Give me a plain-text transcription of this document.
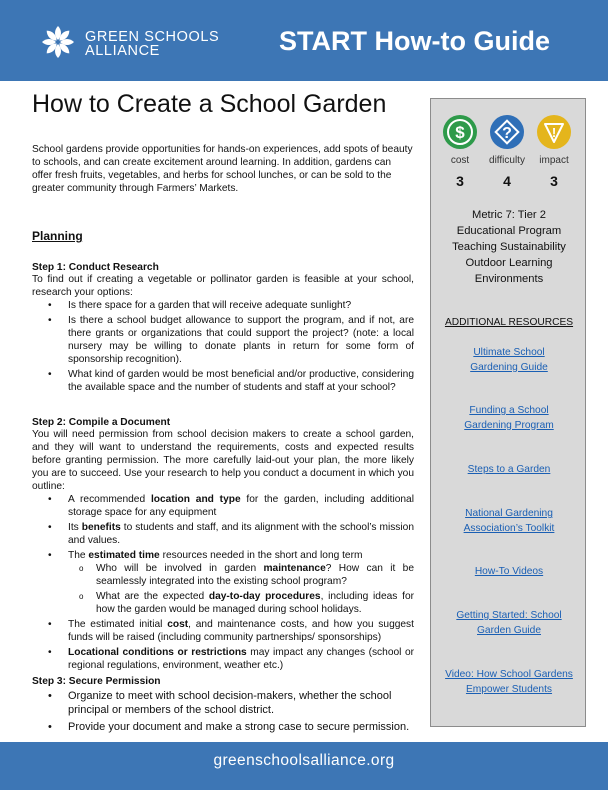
GREEN SCHOOLS
ALLIANCE	START How-to Guide
How to Create a School Garden
School gardens provide opportunities for hands-on experiences, add spots of beauty to schools, and can create excitement around learning. In addition, gardens can offer fresh fruits, vegetables, and herbs for school lunches, or can be sold to the greater community through Farmers’ Markets.
Planning
Step 1: Conduct Research
To find out if creating a vegetable or pollinator garden is feasible at your school, research your options:
• Is there space for a garden that will receive adequate sunlight?
• Is there a school budget allowance to support the program, and if not, are there grants or organizations that could support the project? (note: a local nursery may be willing to donate plants in return for some form of sponsorship recognition).
• What kind of garden would be most beneficial and/or productive, considering the available space and the number of students and staff at your school?
Step 2: Compile a Document
You will need permission from school decision makers to create a school garden, and they will want to understand the requirements, costs and expected results before granting permission. The more carefully laid-out your plan, the more likely you are to succeed. Use your research to help you conduct a document in which you outline:
• A recommended location and type for the garden, including additional storage space for any equipment
• Its benefits to students and staff, and its alignment with the school’s mission and values.
• The estimated time resources needed in the short and long term
o Who will be involved in garden maintenance? How can it be seamlessly integrated into the existing school program?
o What are the expected day-to-day procedures, including ideas for how the garden would be managed during school holidays.
• The estimated initial cost, and maintenance costs, and how you suggest funds will be raised (including community partnerships/ sponsorships)
• Locational conditions or restrictions may impact any changes (school or regional regulations, environment, weather etc.)
Step 3: Secure Permission
• Organize to meet with school decision-makers, whether the school principal or members of the school district.
• Provide your document and make a strong case to secure permission.
$ ?	!
cost	difficulty	impact
3	4	3
Metric 7: Tier 2
Educational Program
Teaching Sustainability
Outdoor Learning
Environments
ADDITIONAL RESOURCES
Ultimate School Gardening Guide
Funding a School Gardening Program
Steps to a Garden
National Gardening Association’s Toolkit
How-To Videos
Getting Started: School Garden Guide
Video: How School Gardens Empower Students
greenschoolsalliance.org
